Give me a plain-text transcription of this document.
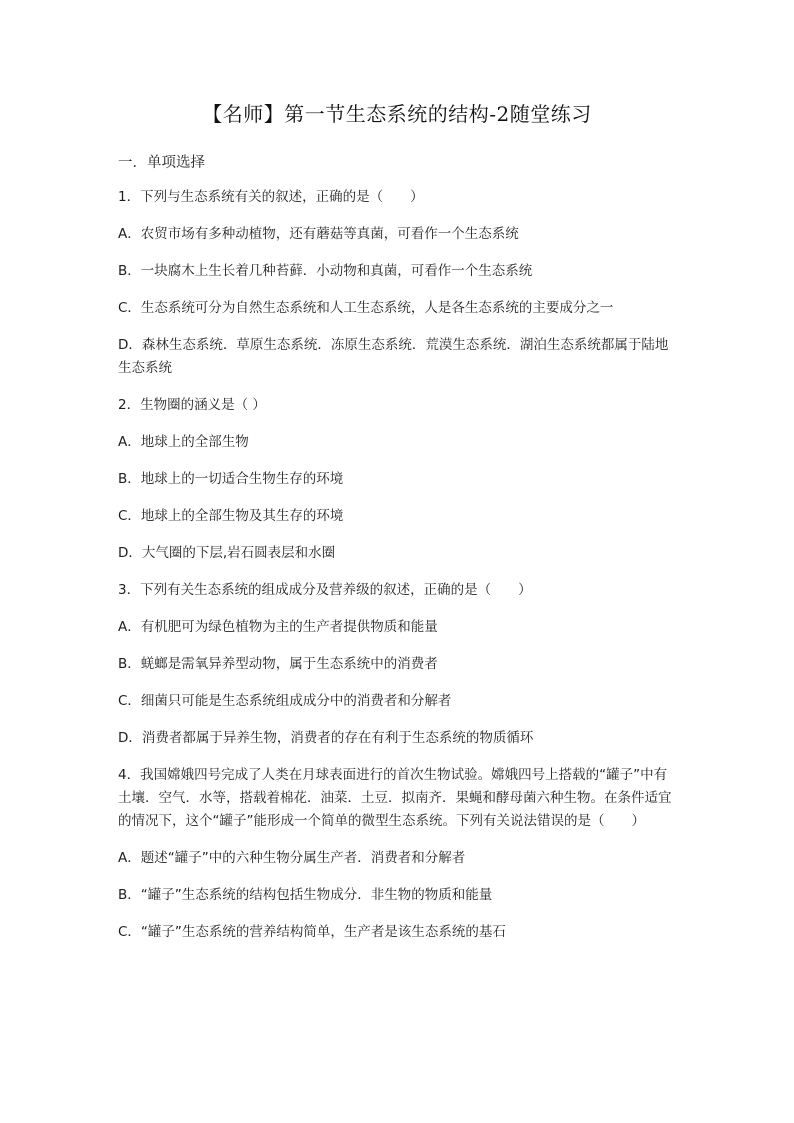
【名师】第一节生态系统的结构-2随堂练习
一．单项选择

1．下列与生态系统有关的叙述，正确的是（　　）

A．农贸市场有多种动植物，还有蘑菇等真菌，可看作一个生态系统

B．一块腐木上生长着几种苔藓．小动物和真菌，可看作一个生态系统

C．生态系统可分为自然生态系统和人工生态系统，人是各生态系统的主要成分之一

D．森林生态系统．草原生态系统．冻原生态系统．荒漠生态系统．湖泊生态系统都属于陆地生态系统

2．生物圈的涵义是（ ）

A．地球上的全部生物

B．地球上的一切适合生物生存的环境

C．地球上的全部生物及其生存的环境

D．大气圈的下层,岩石圆表层和水圈

3．下列有关生态系统的组成成分及营养级的叙述，正确的是（　　）

A．有机肥可为绿色植物为主的生产者提供物质和能量

B．蜣螂是需氧异养型动物，属于生态系统中的消费者

C．细菌只可能是生态系统组成成分中的消费者和分解者

D．消费者都属于异养生物，消费者的存在有利于生态系统的物质循环

4．我国嫦娥四号完成了人类在月球表面进行的首次生物试验。嫦娥四号上搭载的“罐子”中有土壤．空气．水等，搭载着棉花．油菜．土豆．拟南齐．果蝇和酵母菌六种生物。在条件适宜的情况下，这个“罐子”能形成一个简单的微型生态系统。下列有关说法错误的是（　　）

A．题述“罐子”中的六种生物分属生产者．消费者和分解者

B．“罐子”生态系统的结构包括生物成分．非生物的物质和能量

C．“罐子”生态系统的营养结构简单，生产者是该生态系统的基石
